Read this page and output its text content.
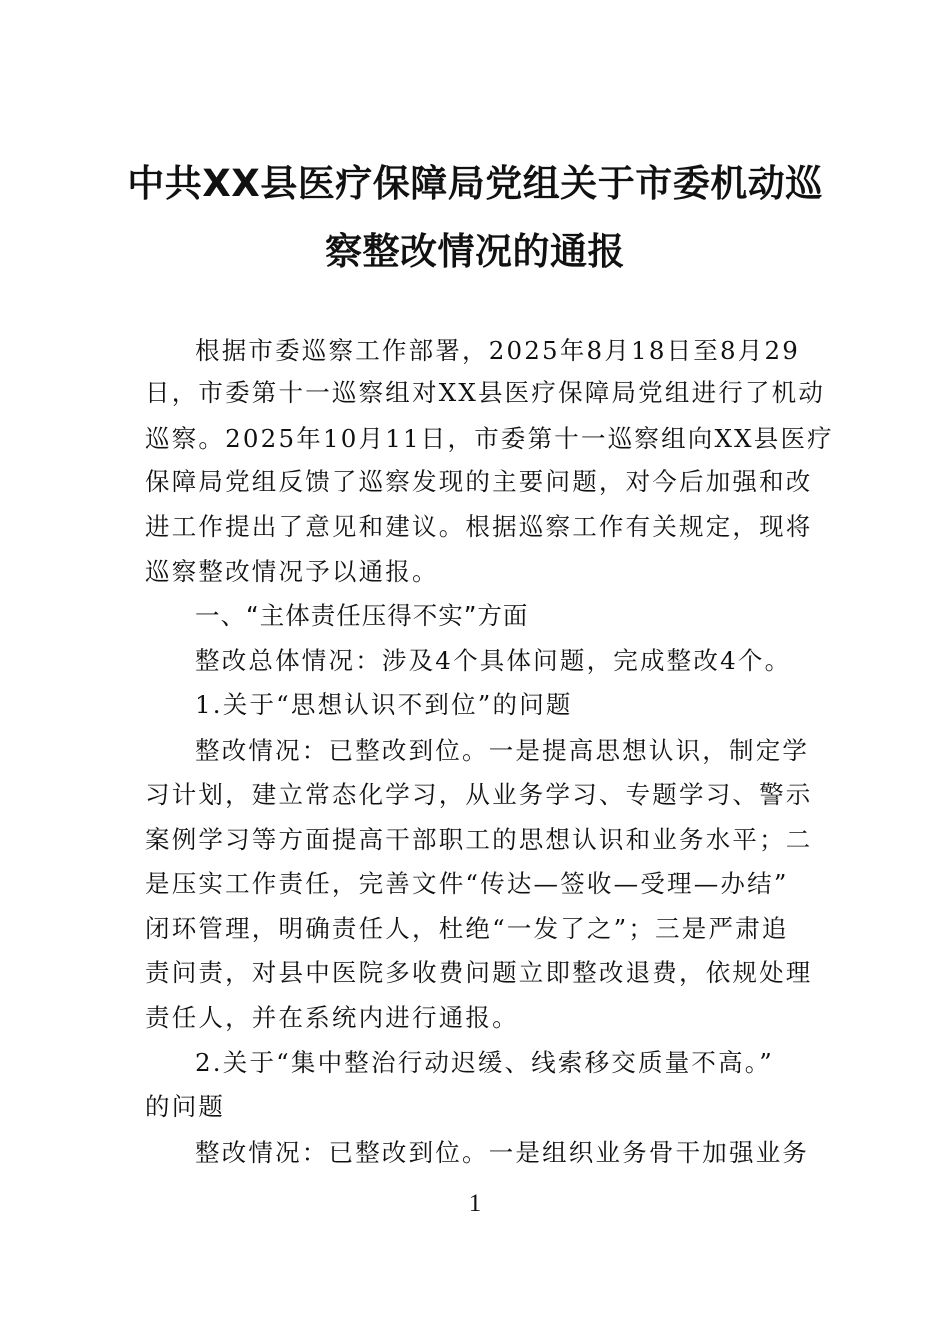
中共XX县医疗保障局党组关于市委机动巡
察整改情况的通报
根据市委巡察工作部署，2025年8月18日至8月29
日，市委第十一巡察组对XX县医疗保障局党组进行了机动
巡察。2025年10月11日，市委第十一巡察组向XX县医疗
保障局党组反馈了巡察发现的主要问题，对今后加强和改
进工作提出了意见和建议。根据巡察工作有关规定，现将
巡察整改情况予以通报。
一、“主体责任压得不实”方面
整改总体情况：涉及4个具体问题，完成整改4个。
1.关于“思想认识不到位”的问题
整改情况：已整改到位。一是提高思想认识，制定学
习计划，建立常态化学习，从业务学习、专题学习、警示
案例学习等方面提高干部职工的思想认识和业务水平；二
是压实工作责任，完善文件“传达—签收—受理—办结”
闭环管理，明确责任人，杜绝“一发了之”；三是严肃追
责问责，对县中医院多收费问题立即整改退费，依规处理
责任人，并在系统内进行通报。
2.关于“集中整治行动迟缓、线索移交质量不高。”
的问题
整改情况：已整改到位。一是组织业务骨干加强业务
1
